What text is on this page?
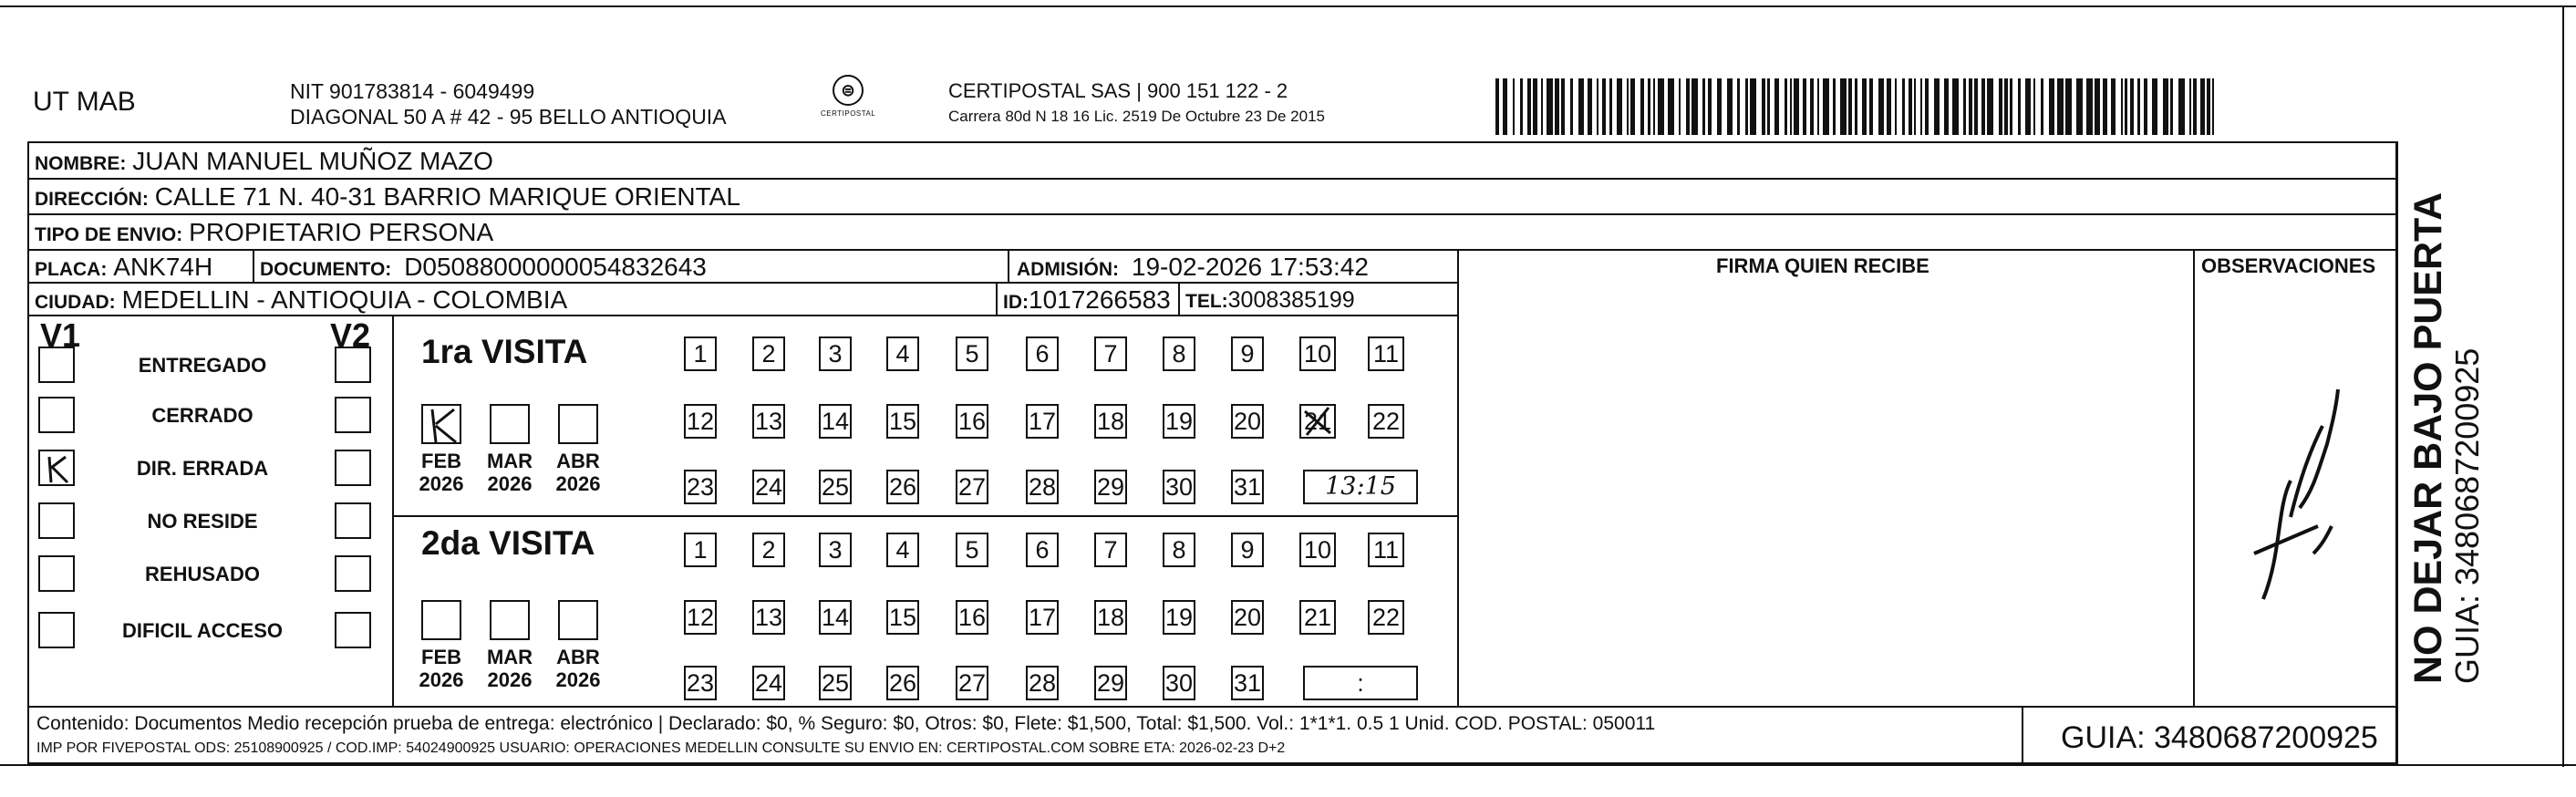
UT MAB	NIT 901783814 - 6049499
DIAGONAL 50 A # 42 - 95 BELLO ANTIOQUIA
⊜
CERTIPOSTAL
CERTIPOSTAL SAS | 900 151 122 - 2
Carrera 80d N 18 16 Lic. 2519 De Octubre 23 De 2015
NOMBRE: JUAN MANUEL MUÑOZ MAZO
DIRECCIÓN: CALLE 71 N. 40-31 BARRIO MARIQUE ORIENTAL
TIPO DE ENVIO: PROPIETARIO PERSONA
PLACA: ANK74H DOCUMENTO: D05088000000054832643	ADMISIÓN: 19-02-2026 17:53:42
CIUDAD: MEDELLIN - ANTIOQUIA - COLOMBIA	ID:1017266583 TEL:3008385199
FIRMA QUIEN RECIBE	OBSERVACIONES
V1	V2
ENTREGADO
CERRADO
DIR. ERRADA
NO RESIDE
REHUSADO
DIFICIL ACCESO
1ra VISITA
2da VISITA
1	2	3	4	5	6	7	8	9	10 11
12 13 14 15 16 17 18 19 20 21 22
23 24 25 26 27 28 29 30 31	13:15
FEB
2026
MAR
2026
ABR
2026
1	2	3	4	5	6	7	8	9	10 11
12 13 14 15 16 17 18 19 20 21 22
23 24 25 26 27 28 29 30 31	:
FEB
2026
MAR
2026
ABR
2026
Contenido: Documentos Medio recepción prueba de entrega: electrónico | Declarado: $0, % Seguro: $0, Otros: $0, Flete: $1,500, Total: $1,500. Vol.: 1*1*1. 0.5 1 Unid. COD. POSTAL: 050011
IMP POR FIVEPOSTAL ODS: 25108900925 / COD.IMP: 54024900925 USUARIO: OPERACIONES MEDELLIN CONSULTE SU ENVIO EN: CERTIPOSTAL.COM SOBRE ETA: 2026-02-23 D+2	GUIA: 3480687200925
NO DEJAR BAJO PUERTA
GUIA: 3480687200925
